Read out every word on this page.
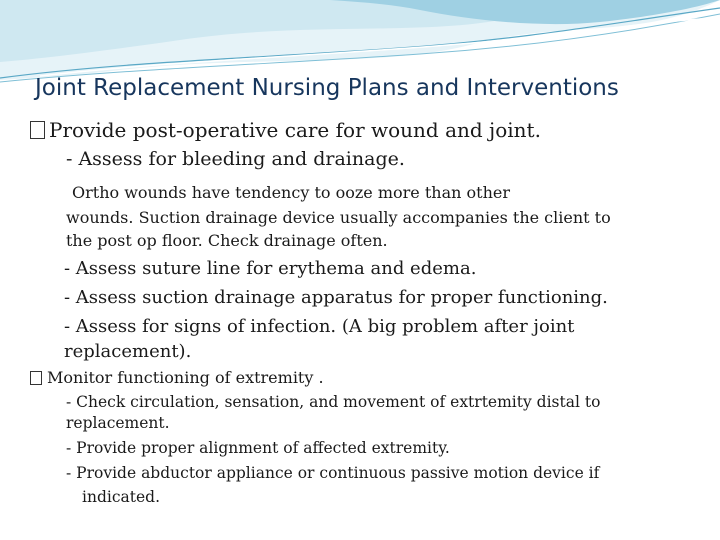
Joint Replacement Nursing Plans and Interventions
Provide post-operative care for wound and joint.
- Assess for bleeding and drainage.
Ortho wounds have tendency to ooze more than other
wounds. Suction drainage device usually accompanies the client to
the post op floor. Check drainage often.
- Assess suture line for erythema and edema.
- Assess suction drainage apparatus for proper functioning.
- Assess for signs of infection. (A big problem after joint
replacement).
Monitor functioning of extremity .
- Check circulation, sensation, and movement of extrtemity distal to
replacement.
- Provide proper alignment of affected extremity.
- Provide abductor appliance or continuous passive motion device if
indicated.
